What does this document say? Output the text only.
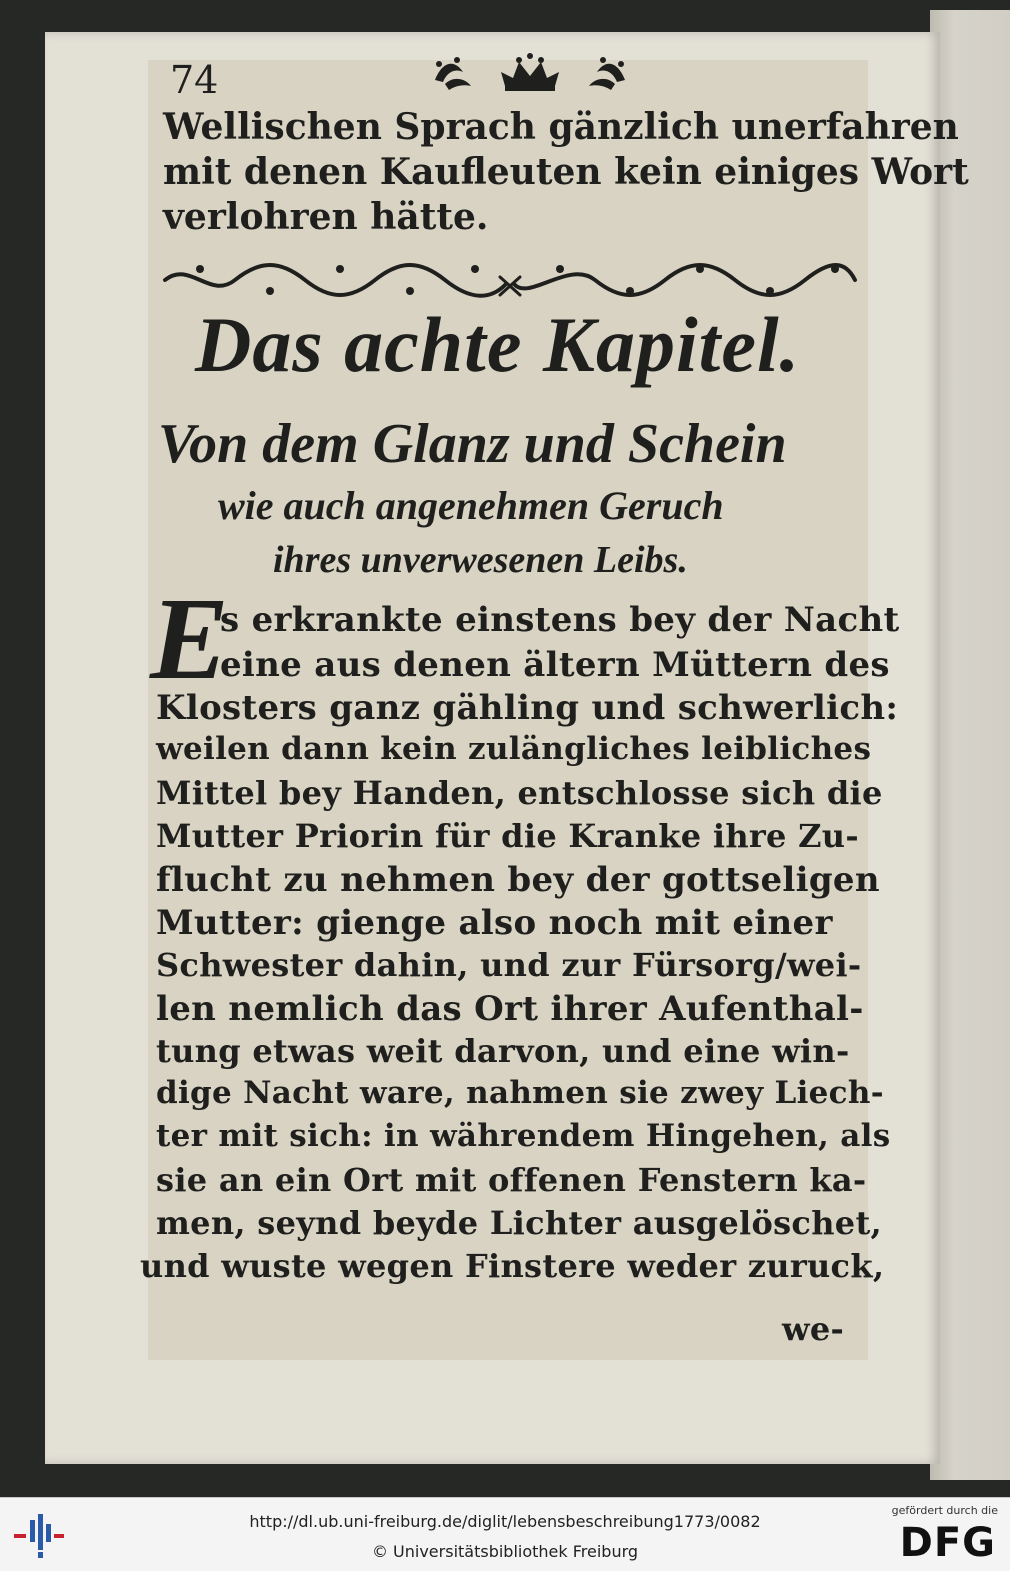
74
Wellischen Sprach gänzlich unerfahren
mit denen Kaufleuten kein einiges Wort
verlohren hätte.
Das achte Kapitel.
Von dem Glanz und Schein
wie auch angenehmen Geruch
ihres unverwesenen Leibs.
E
s erkrankte einstens bey der Nacht
eine aus denen ältern Müttern des
Klosters ganz gähling und schwerlich:
weilen dann kein zulängliches leibliches
Mittel bey Handen, entschlosse sich die
Mutter Priorin für die Kranke ihre Zu-
flucht zu nehmen bey der gottseligen
Mutter: gienge also noch mit einer
Schwester dahin, und zur Fürsorg/wei-
len nemlich das Ort ihrer Aufenthal-
tung etwas weit darvon, und eine win-
dige Nacht ware, nahmen sie zwey Liech-
ter mit sich: in währendem Hingehen, als
sie an ein Ort mit offenen Fenstern ka-
men, seynd beyde Lichter ausgelöschet,
und wuste wegen Finstere weder zuruck,
we-
http://dl.ub.uni-freiburg.de/diglit/lebensbeschreibung1773/0082
© Universitätsbibliothek Freiburg
gefördert durch die
DFG
